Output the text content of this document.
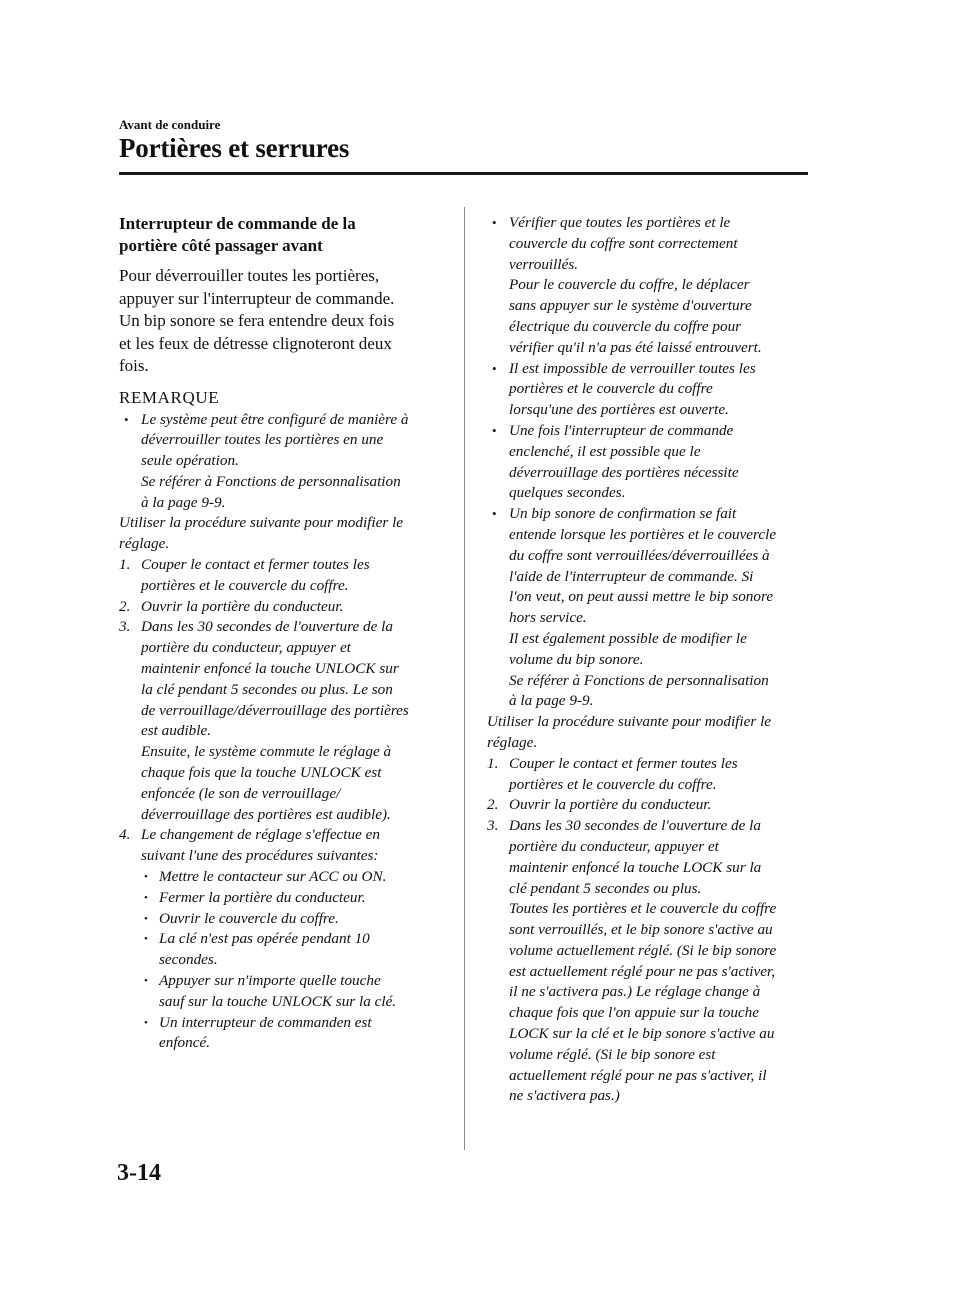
Avant de conduire
Portières et serrures
Interrupteur de commande de la
portière côté passager avant
Pour déverrouiller toutes les portières,
appuyer sur l'interrupteur de commande.
Un bip sonore se fera entendre deux fois
et les feux de détresse clignoteront deux
fois.
REMARQUE
• Le système peut être configuré de manière à
déverrouiller toutes les portières en une
seule opération.
Se référer à Fonctions de personnalisation
à la page 9-9.
Utiliser la procédure suivante pour modifier le
réglage.
1. Couper le contact et fermer toutes les
portières et le couvercle du coffre.
2. Ouvrir la portière du conducteur.
3. Dans les 30 secondes de l'ouverture de la
portière du conducteur, appuyer et
maintenir enfoncé la touche UNLOCK sur
la clé pendant 5 secondes ou plus. Le son
de verrouillage/déverrouillage des portières
est audible.
Ensuite, le système commute le réglage à
chaque fois que la touche UNLOCK est
enfoncée (le son de verrouillage/
déverrouillage des portières est audible).
4. Le changement de réglage s'effectue en
suivant l'une des procédures suivantes:
• Mettre le contacteur sur ACC ou ON.
• Fermer la portière du conducteur.
• Ouvrir le couvercle du coffre.
• La clé n'est pas opérée pendant 10
secondes.
• Appuyer sur n'importe quelle touche
sauf sur la touche UNLOCK sur la clé.
• Un interrupteur de commanden est
enfoncé.
• Vérifier que toutes les portières et le
couvercle du coffre sont correctement
verrouillés.
Pour le couvercle du coffre, le déplacer
sans appuyer sur le système d'ouverture
électrique du couvercle du coffre pour
vérifier qu'il n'a pas été laissé entrouvert.
• Il est impossible de verrouiller toutes les
portières et le couvercle du coffre
lorsqu'une des portières est ouverte.
• Une fois l'interrupteur de commande
enclenché, il est possible que le
déverrouillage des portières nécessite
quelques secondes.
• Un bip sonore de confirmation se fait
entende lorsque les portières et le couvercle
du coffre sont verrouillées/déverrouillées à
l'aide de l'interrupteur de commande. Si
l'on veut, on peut aussi mettre le bip sonore
hors service.
Il est également possible de modifier le
volume du bip sonore.
Se référer à Fonctions de personnalisation
à la page 9-9.
Utiliser la procédure suivante pour modifier le
réglage.
1. Couper le contact et fermer toutes les
portières et le couvercle du coffre.
2. Ouvrir la portière du conducteur.
3. Dans les 30 secondes de l'ouverture de la
portière du conducteur, appuyer et
maintenir enfoncé la touche LOCK sur la
clé pendant 5 secondes ou plus.
Toutes les portières et le couvercle du coffre
sont verrouillés, et le bip sonore s'active au
volume actuellement réglé. (Si le bip sonore
est actuellement réglé pour ne pas s'activer,
il ne s'activera pas.) Le réglage change à
chaque fois que l'on appuie sur la touche
LOCK sur la clé et le bip sonore s'active au
volume réglé. (Si le bip sonore est
actuellement réglé pour ne pas s'activer, il
ne s'activera pas.)
3-14
